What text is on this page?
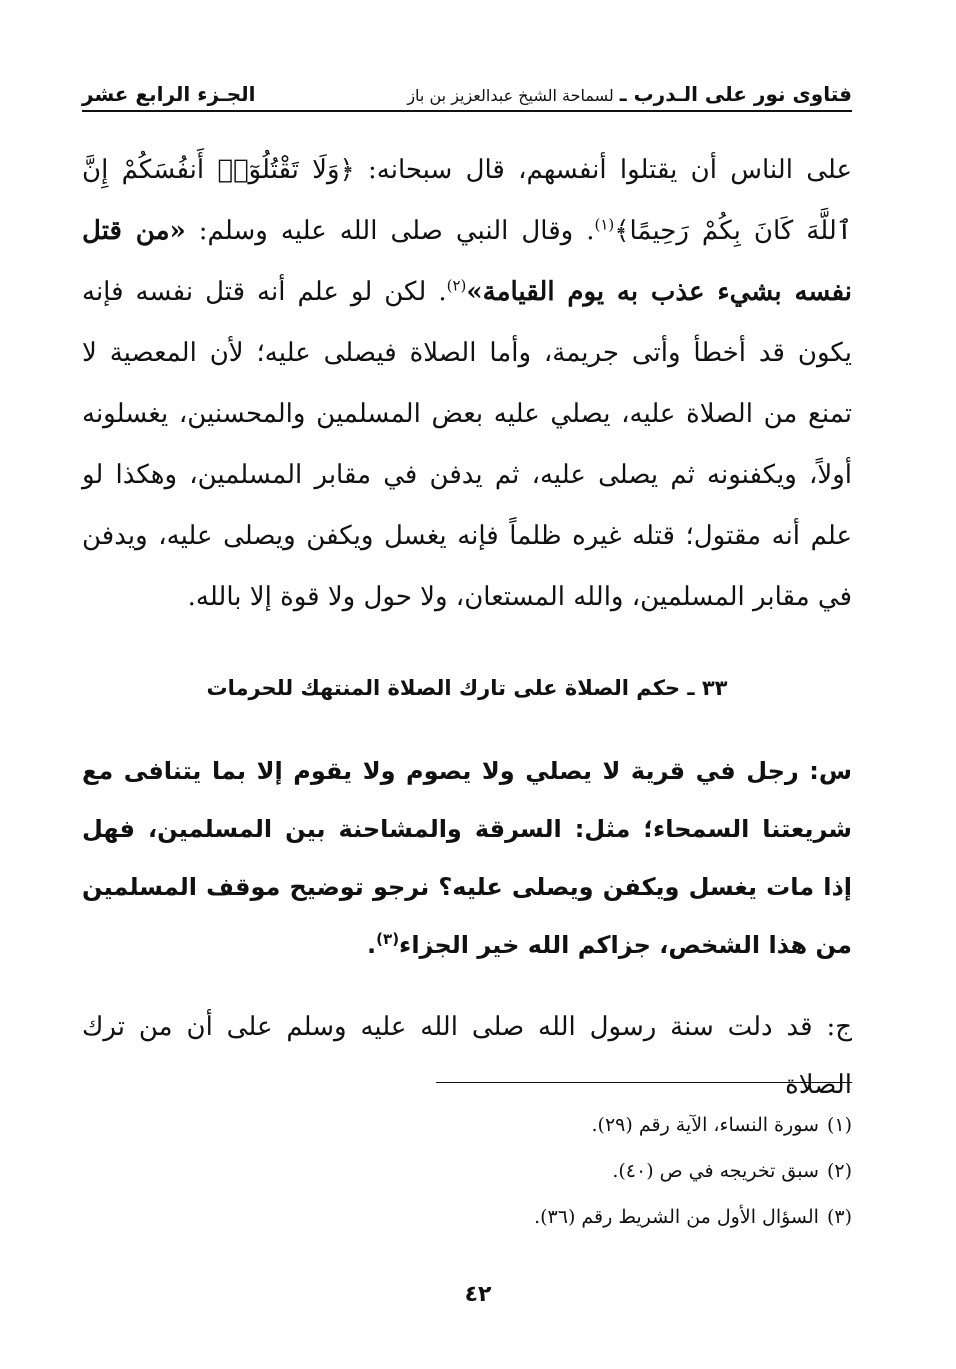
فتاوى نور على الـدرب ـ
لسماحة الشيخ عبدالعزيز بن باز
الجـزء الرابع عشر

على الناس أن يقتلوا أنفسهم، قال سبحانه: ﴿وَلَا تَقْتُلُوٓا۟ أَنفُسَكُمْ إِنَّ ٱللَّهَ كَانَ بِكُمْ رَحِيمًا﴾$^{(١)}$. وقال النبي صلى الله عليه وسلم: «من قتل نفسه بشيء عذب به يوم القيامة»$^{(٢)}$. لكن لو علم أنه قتل نفسه فإنه يكون قد أخطأ وأتى جريمة، وأما الصلاة فيصلى عليه؛ لأن المعصية لا تمنع من الصلاة عليه، يصلي عليه بعض المسلمين والمحسنين، يغسلونه أولاً، ويكفنونه ثم يصلى عليه، ثم يدفن في مقابر المسلمين، وهكذا لو علم أنه مقتول؛ قتله غيره ظلماً فإنه يغسل ويكفن ويصلى عليه، ويدفن في مقابر المسلمين، والله المستعان، ولا حول ولا قوة إلا بالله.

٣٣ ـ حكم الصلاة على تارك الصلاة المنتهك للحرمات

س: رجل في قرية لا يصلي ولا يصوم ولا يقوم إلا بما يتنافى مع شريعتنا السمحاء؛ مثل: السرقة والمشاحنة بين المسلمين، فهل إذا مات يغسل ويكفن ويصلى عليه؟ نرجو توضيح موقف المسلمين من هذا الشخص، جزاكم الله خير الجزاء$^{(٣)}$.

ج: قد دلت سنة رسول الله صلى الله عليه وسلم على أن من ترك الصلاة

(١)سورة النساء، الآية رقم (٢٩).
(٢)سبق تخريجه في ص (٤٠).
(٣)السؤال الأول من الشريط رقم (٣٦).
٤٢
